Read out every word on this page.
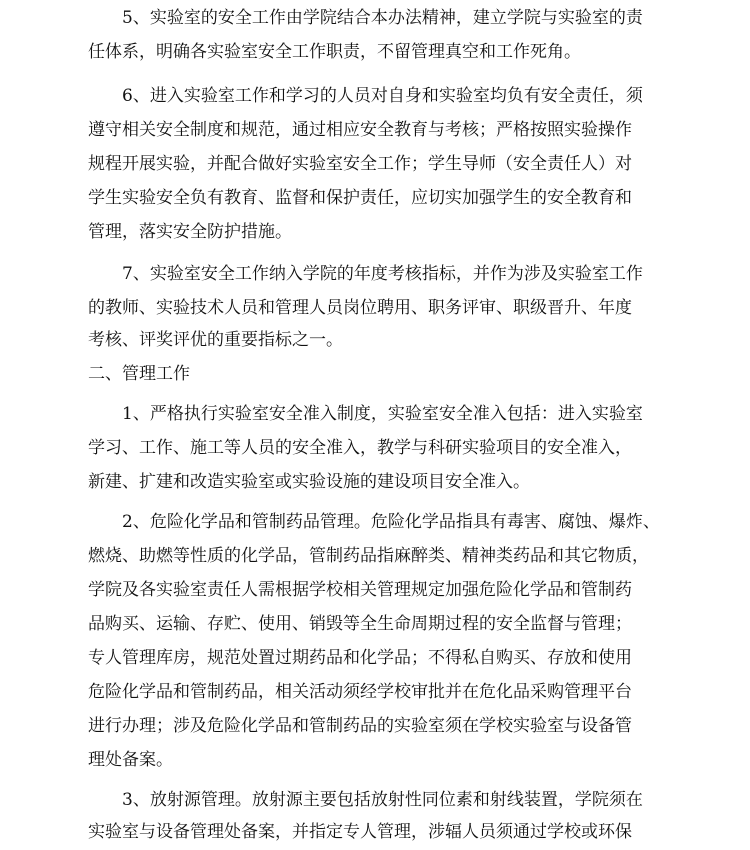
5、实验室的安全工作由学院结合本办法精神，建立学院与实验室的责
任体系，明确各实验室安全工作职责，不留管理真空和工作死角。
6、进入实验室工作和学习的人员对自身和实验室均负有安全责任，须
遵守相关安全制度和规范，通过相应安全教育与考核；严格按照实验操作
规程开展实验，并配合做好实验室安全工作；学生导师（安全责任人）对
学生实验安全负有教育、监督和保护责任，应切实加强学生的安全教育和
管理，落实安全防护措施。
7、实验室安全工作纳入学院的年度考核指标，并作为涉及实验室工作
的教师、实验技术人员和管理人员岗位聘用、职务评审、职级晋升、年度
考核、评奖评优的重要指标之一。
二、管理工作
1、严格执行实验室安全准入制度，实验室安全准入包括：进入实验室
学习、工作、施工等人员的安全准入，教学与科研实验项目的安全准入，
新建、扩建和改造实验室或实验设施的建设项目安全准入。
2、危险化学品和管制药品管理。危险化学品指具有毒害、腐蚀、爆炸、
燃烧、助燃等性质的化学品，管制药品指麻醉类、精神类药品和其它物质，
学院及各实验室责任人需根据学校相关管理规定加强危险化学品和管制药
品购买、运输、存贮、使用、销毁等全生命周期过程的安全监督与管理；
专人管理库房，规范处置过期药品和化学品；不得私自购买、存放和使用
危险化学品和管制药品，相关活动须经学校审批并在危化品采购管理平台
进行办理；涉及危险化学品和管制药品的实验室须在学校实验室与设备管
理处备案。
3、放射源管理。放射源主要包括放射性同位素和射线装置，学院须在
实验室与设备管理处备案，并指定专人管理，涉辐人员须通过学校或环保
